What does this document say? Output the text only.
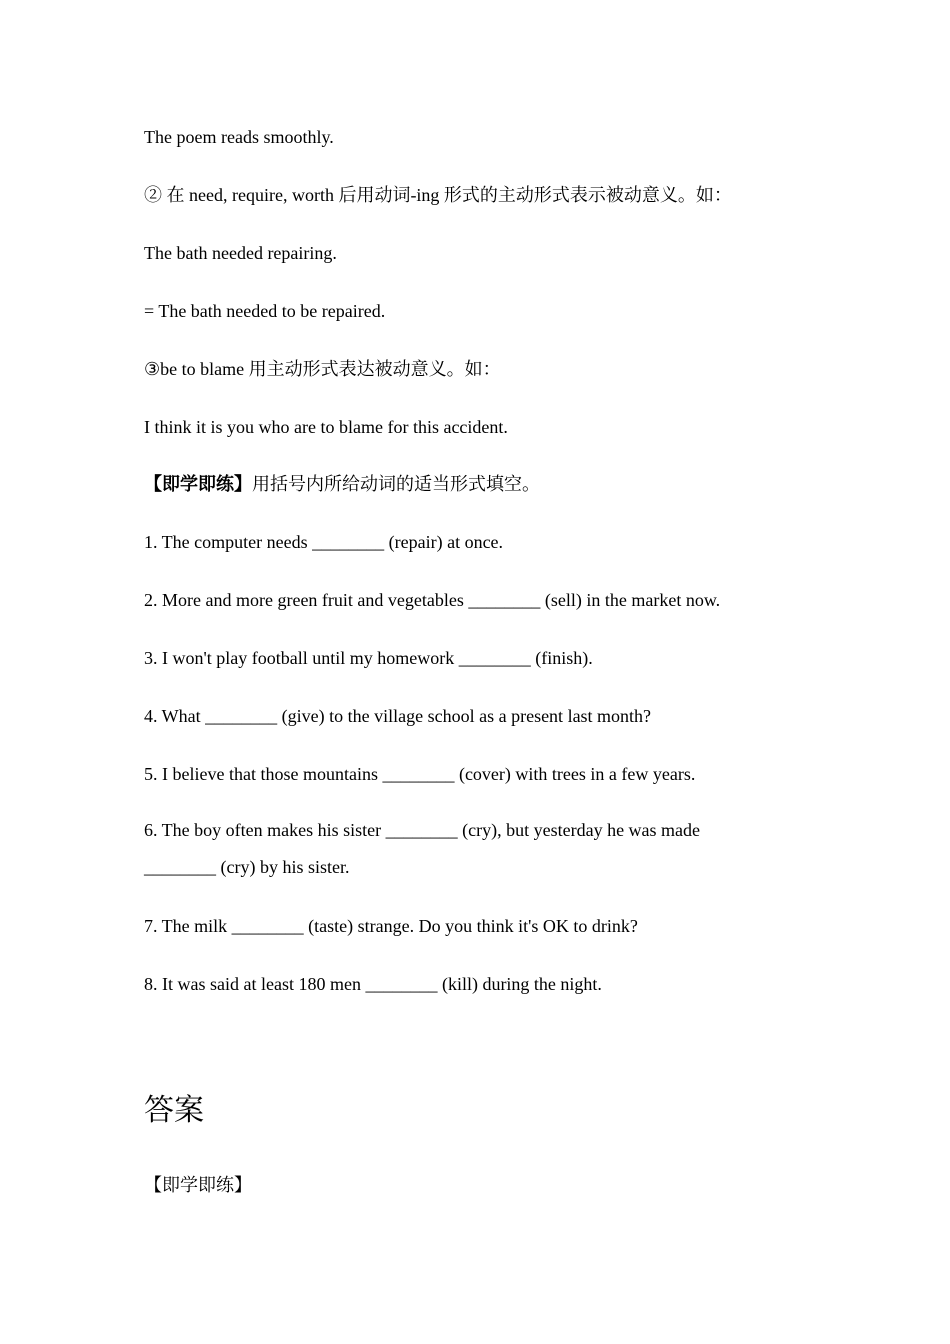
The poem reads smoothly.
② 在 need, require, worth 后用动词-ing 形式的主动形式表示被动意义。如：
The bath needed repairing.
= The bath needed to be repaired.
③be to blame 用主动形式表达被动意义。如：
I think it is you who are to blame for this accident.
【即学即练】用括号内所给动词的适当形式填空。
1. The computer needs ________ (repair) at once.
2. More and more green fruit and vegetables ________ (sell) in the market now.
3. I won't play football until my homework ________ (finish).
4. What ________ (give) to the village school as a present last month?
5. I believe that those mountains ________ (cover) with trees in a few years.
6. The boy often makes his sister ________ (cry), but yesterday he was made ________ (cry) by his sister.
7. The milk ________ (taste) strange. Do you think it's OK to drink?
8. It was said at least 180 men ________ (kill) during the night.
答案
【即学即练】
